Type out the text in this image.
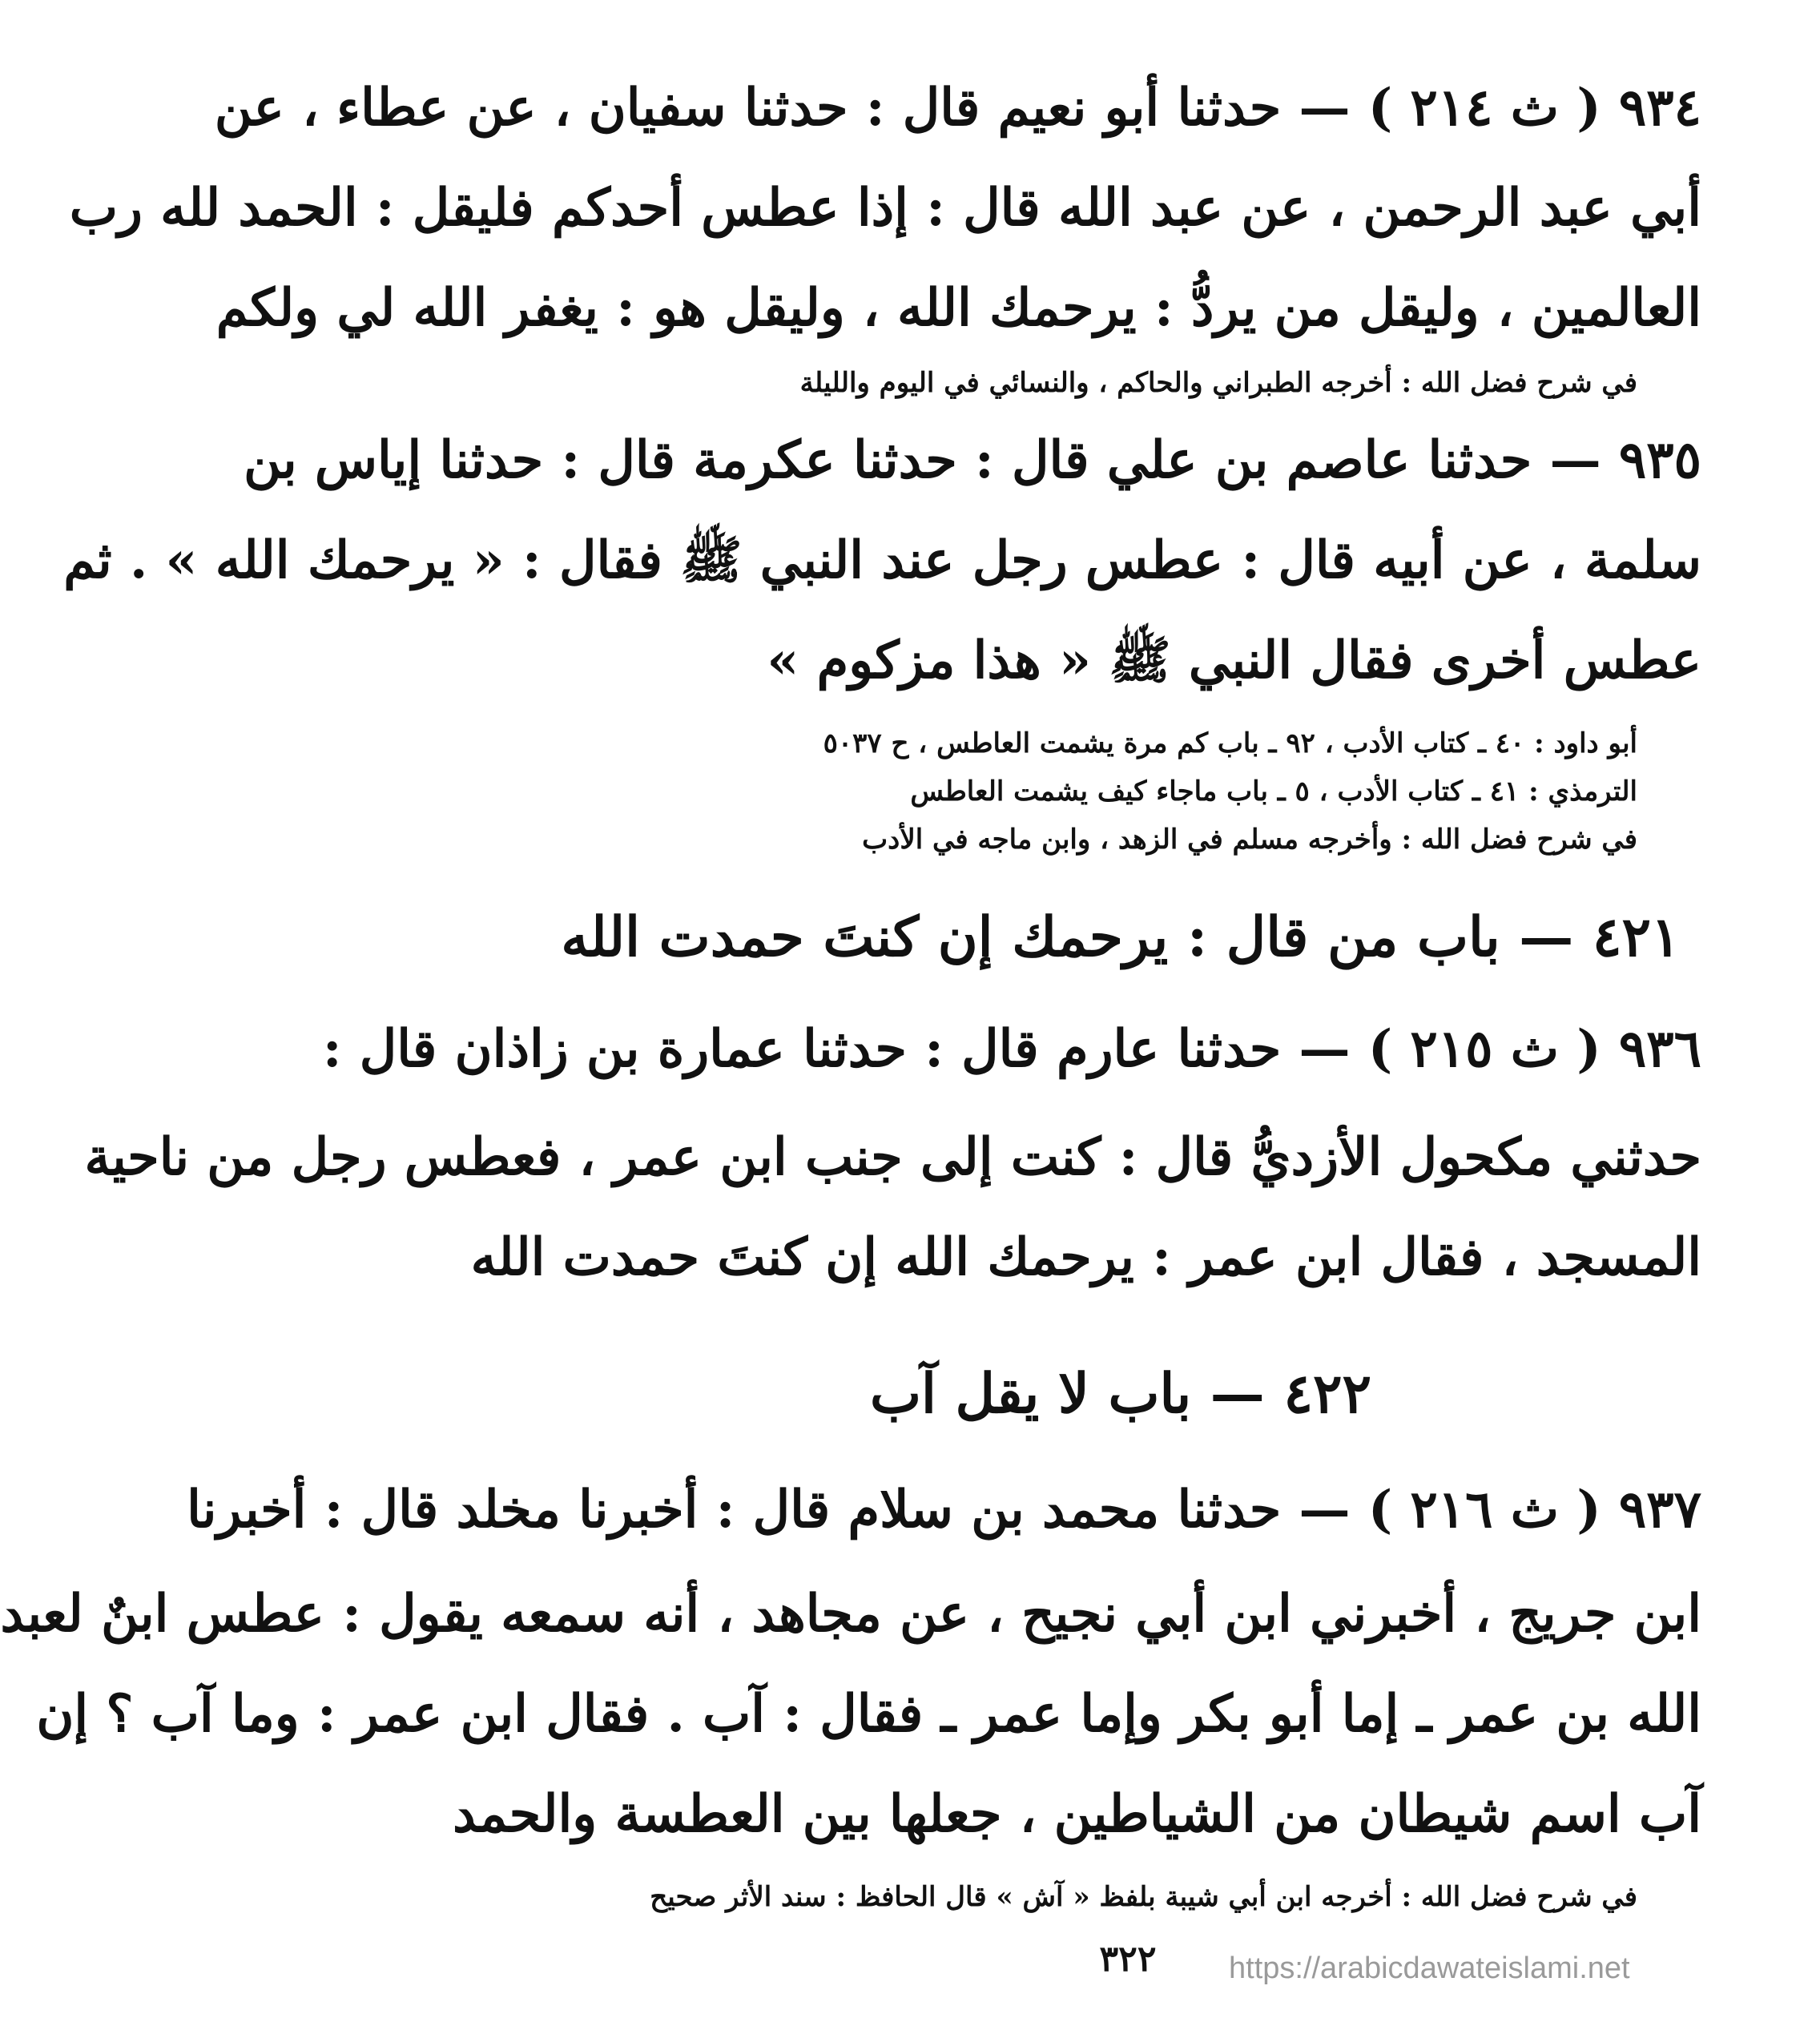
٩٣٤ ( ث ٢١٤ ) — حدثنا أبو نعيم قال : حدثنا سفيان ، عن عطاء ، عن
أبي عبد الرحمن ، عن عبد الله قال : إذا عطس أحدكم فليقل : الحمد لله رب
العالمين ، وليقل من يردُّ : يرحمك الله ، وليقل هو : يغفر الله لي ولكم
في شرح فضل الله : أخرجه الطبراني والحاكم ، والنسائي في اليوم والليلة
٩٣٥ — حدثنا عاصم بن علي قال : حدثنا عكرمة قال : حدثنا إياس بن
سلمة ، عن أبيه قال : عطس رجل عند النبي ﷺ فقال : « يرحمك الله » . ثم
عطس أخرى فقال النبي ﷺ « هذا مزكوم »
أبو داود : ٤٠ ـ كتاب الأدب ، ٩٢ ـ باب كم مرة يشمت العاطس ، ح ٥٠٣٧
الترمذي : ٤١ ـ كتاب الأدب ، ٥ ـ باب ماجاء كيف يشمت العاطس
في شرح فضل الله : وأخرجه مسلم في الزهد ، وابن ماجه في الأدب
٤٢١ — باب من قال : يرحمك إن كنتَ حمدت الله
٩٣٦ ( ث ٢١٥ ) — حدثنا عارم قال : حدثنا عمارة بن زاذان قال :
حدثني مكحول الأزديُّ قال : كنت إلى جنب ابن عمر ، فعطس رجل من ناحية
المسجد ، فقال ابن عمر : يرحمك الله إن كنتَ حمدت الله
٤٢٢ — باب لا يقل آب
٩٣٧ ( ث ٢١٦ ) — حدثنا محمد بن سلام قال : أخبرنا مخلد قال : أخبرنا
ابن جريج ، أخبرني ابن أبي نجيح ، عن مجاهد ، أنه سمعه يقول : عطس ابنٌ لعبد
الله بن عمر ـ إما أبو بكر وإما عمر ـ فقال : آب . فقال ابن عمر : وما آب ؟ إن
آب اسم شيطان من الشياطين ، جعلها بين العطسة والحمد
في شرح فضل الله : أخرجه ابن أبي شيبة بلفظ « آش » قال الحافظ : سند الأثر صحيح
٣٢٢	https://arabicdawateislami.net
